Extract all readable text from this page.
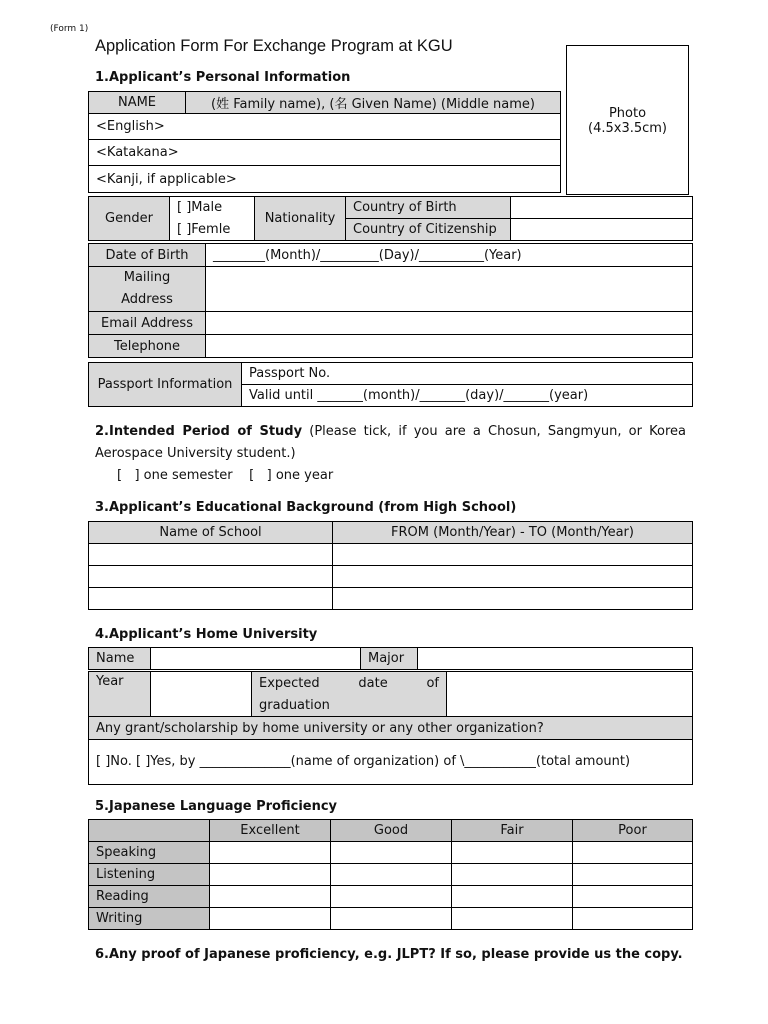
(Form 1)
Application Form For Exchange Program at KGU
1.Applicant’s Personal Information
Photo
(4.5x3.5cm)
NAME	(姓 Family name), (名 Given Name) (Middle name)
<English>
<Katakana>
<Kanji, if applicable>
Gender	[ ]Male	Nationality	Country of Birth	
	[ ]Femle		Country of Citizenship	
Date of Birth	________(Month)/_________(Day)/__________(Year)
Mailing Address	
Email Address	
Telephone	
Passport Information	Passport No.
Valid until _______(month)/_______(day)/_______(year)
2.Intended Period of Study (Please tick, if you are a Chosun, Sangmyun, or Korea Aerospace University student.)
[   ] one semester    [   ] one year
3.Applicant’s Educational Background (from High School)
Name of School	FROM (Month/Year) - TO (Month/Year)

4.Applicant’s Home University
Name		Major	
Year		Expected date of graduation	
Any grant/scholarship by home university or any other organization?
[ ]No. [ ]Yes, by ______________(name of organization) of \___________(total amount)
5.Japanese Language Proficiency
	Excellent	Good	Fair	Poor
Speaking				
Listening				
Reading				
Writing				
6.Any proof of Japanese proficiency, e.g. JLPT? If so, please provide us the copy.
